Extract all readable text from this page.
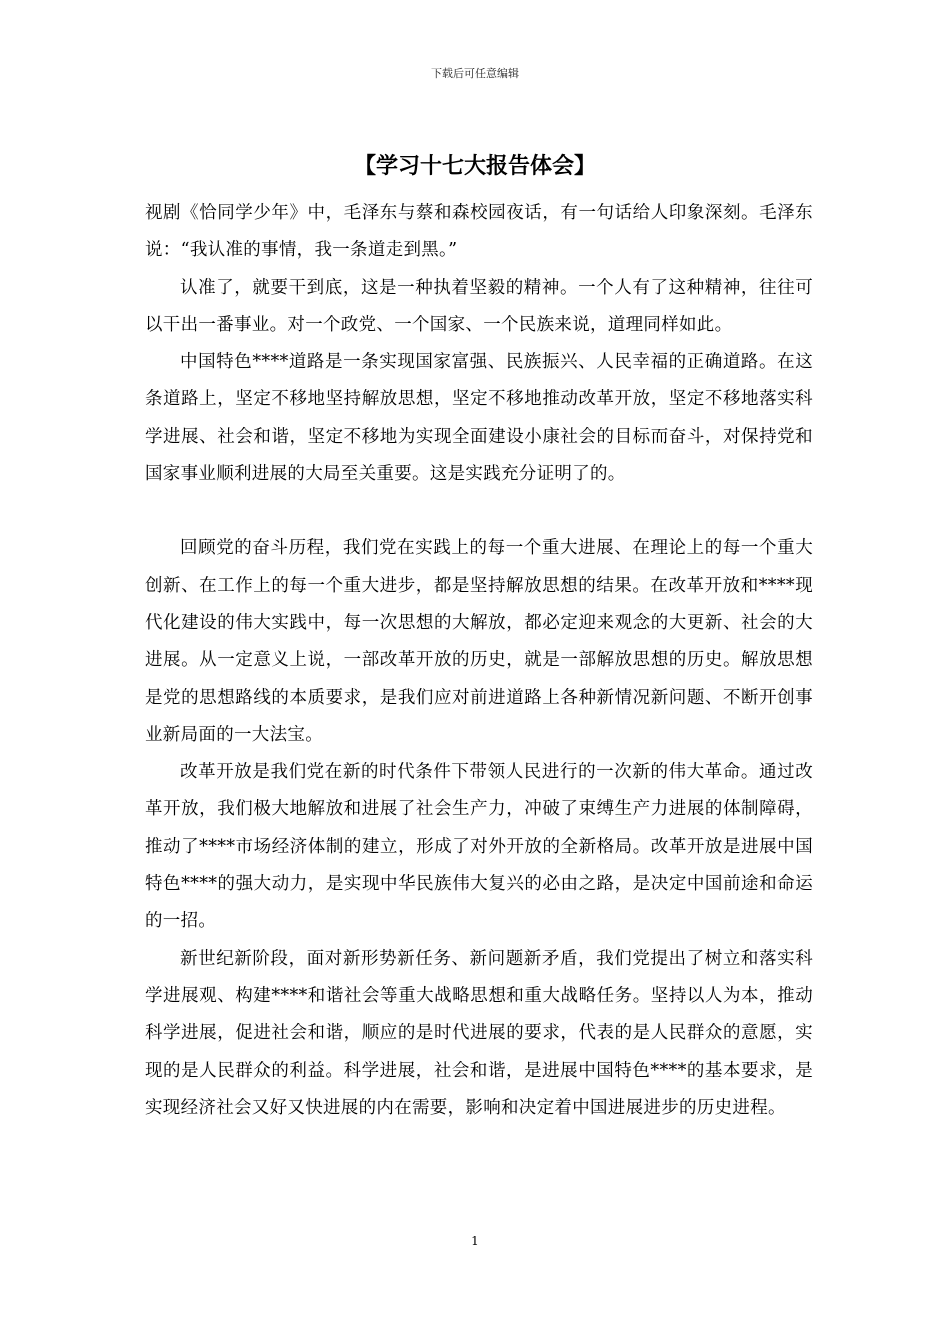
下载后可任意编辑
【学习十七大报告体会】

视剧《恰同学少年》中，毛泽东与蔡和森校园夜话，有一句话给人印象深刻。毛泽东说：“我认准的事情，我一条道走到黑。”

认准了，就要干到底，这是一种执着坚毅的精神。一个人有了这种精神，往往可以干出一番事业。对一个政党、一个国家、一个民族来说，道理同样如此。

中国特色****道路是一条实现国家富强、民族振兴、人民幸福的正确道路。在这条道路上，坚定不移地坚持解放思想，坚定不移地推动改革开放，坚定不移地落实科学进展、社会和谐，坚定不移地为实现全面建设小康社会的目标而奋斗，对保持党和国家事业顺利进展的大局至关重要。这是实践充分证明了的。

回顾党的奋斗历程，我们党在实践上的每一个重大进展、在理论上的每一个重大创新、在工作上的每一个重大进步，都是坚持解放思想的结果。在改革开放和****现代化建设的伟大实践中，每一次思想的大解放，都必定迎来观念的大更新、社会的大进展。从一定意义上说，一部改革开放的历史，就是一部解放思想的历史。解放思想是党的思想路线的本质要求，是我们应对前进道路上各种新情况新问题、不断开创事业新局面的一大法宝。

改革开放是我们党在新的时代条件下带领人民进行的一次新的伟大革命。通过改革开放，我们极大地解放和进展了社会生产力，冲破了束缚生产力进展的体制障碍，推动了****市场经济体制的建立，形成了对外开放的全新格局。改革开放是进展中国特色****的强大动力，是实现中华民族伟大复兴的必由之路，是决定中国前途和命运的一招。

新世纪新阶段，面对新形势新任务、新问题新矛盾，我们党提出了树立和落实科学进展观、构建****和谐社会等重大战略思想和重大战略任务。坚持以人为本，推动科学进展，促进社会和谐，顺应的是时代进展的要求，代表的是人民群众的意愿，实现的是人民群众的利益。科学进展，社会和谐，是进展中国特色****的基本要求，是实现经济社会又好又快进展的内在需要，影响和决定着中国进展进步的历史进程。

1
